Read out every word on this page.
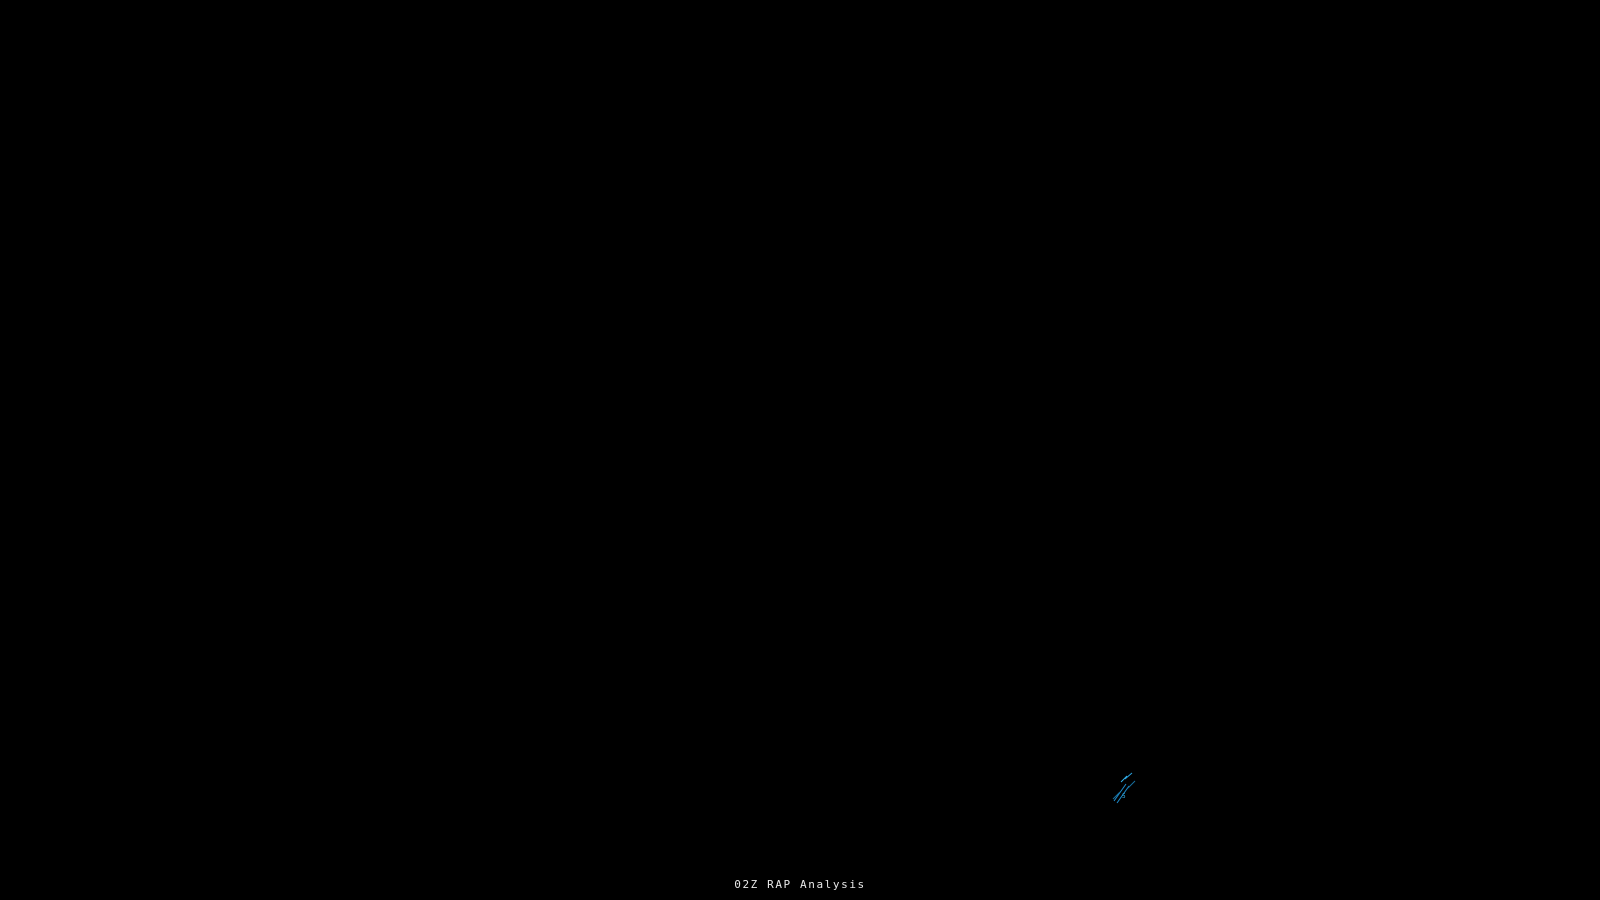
5
02Z RAP Analysis
